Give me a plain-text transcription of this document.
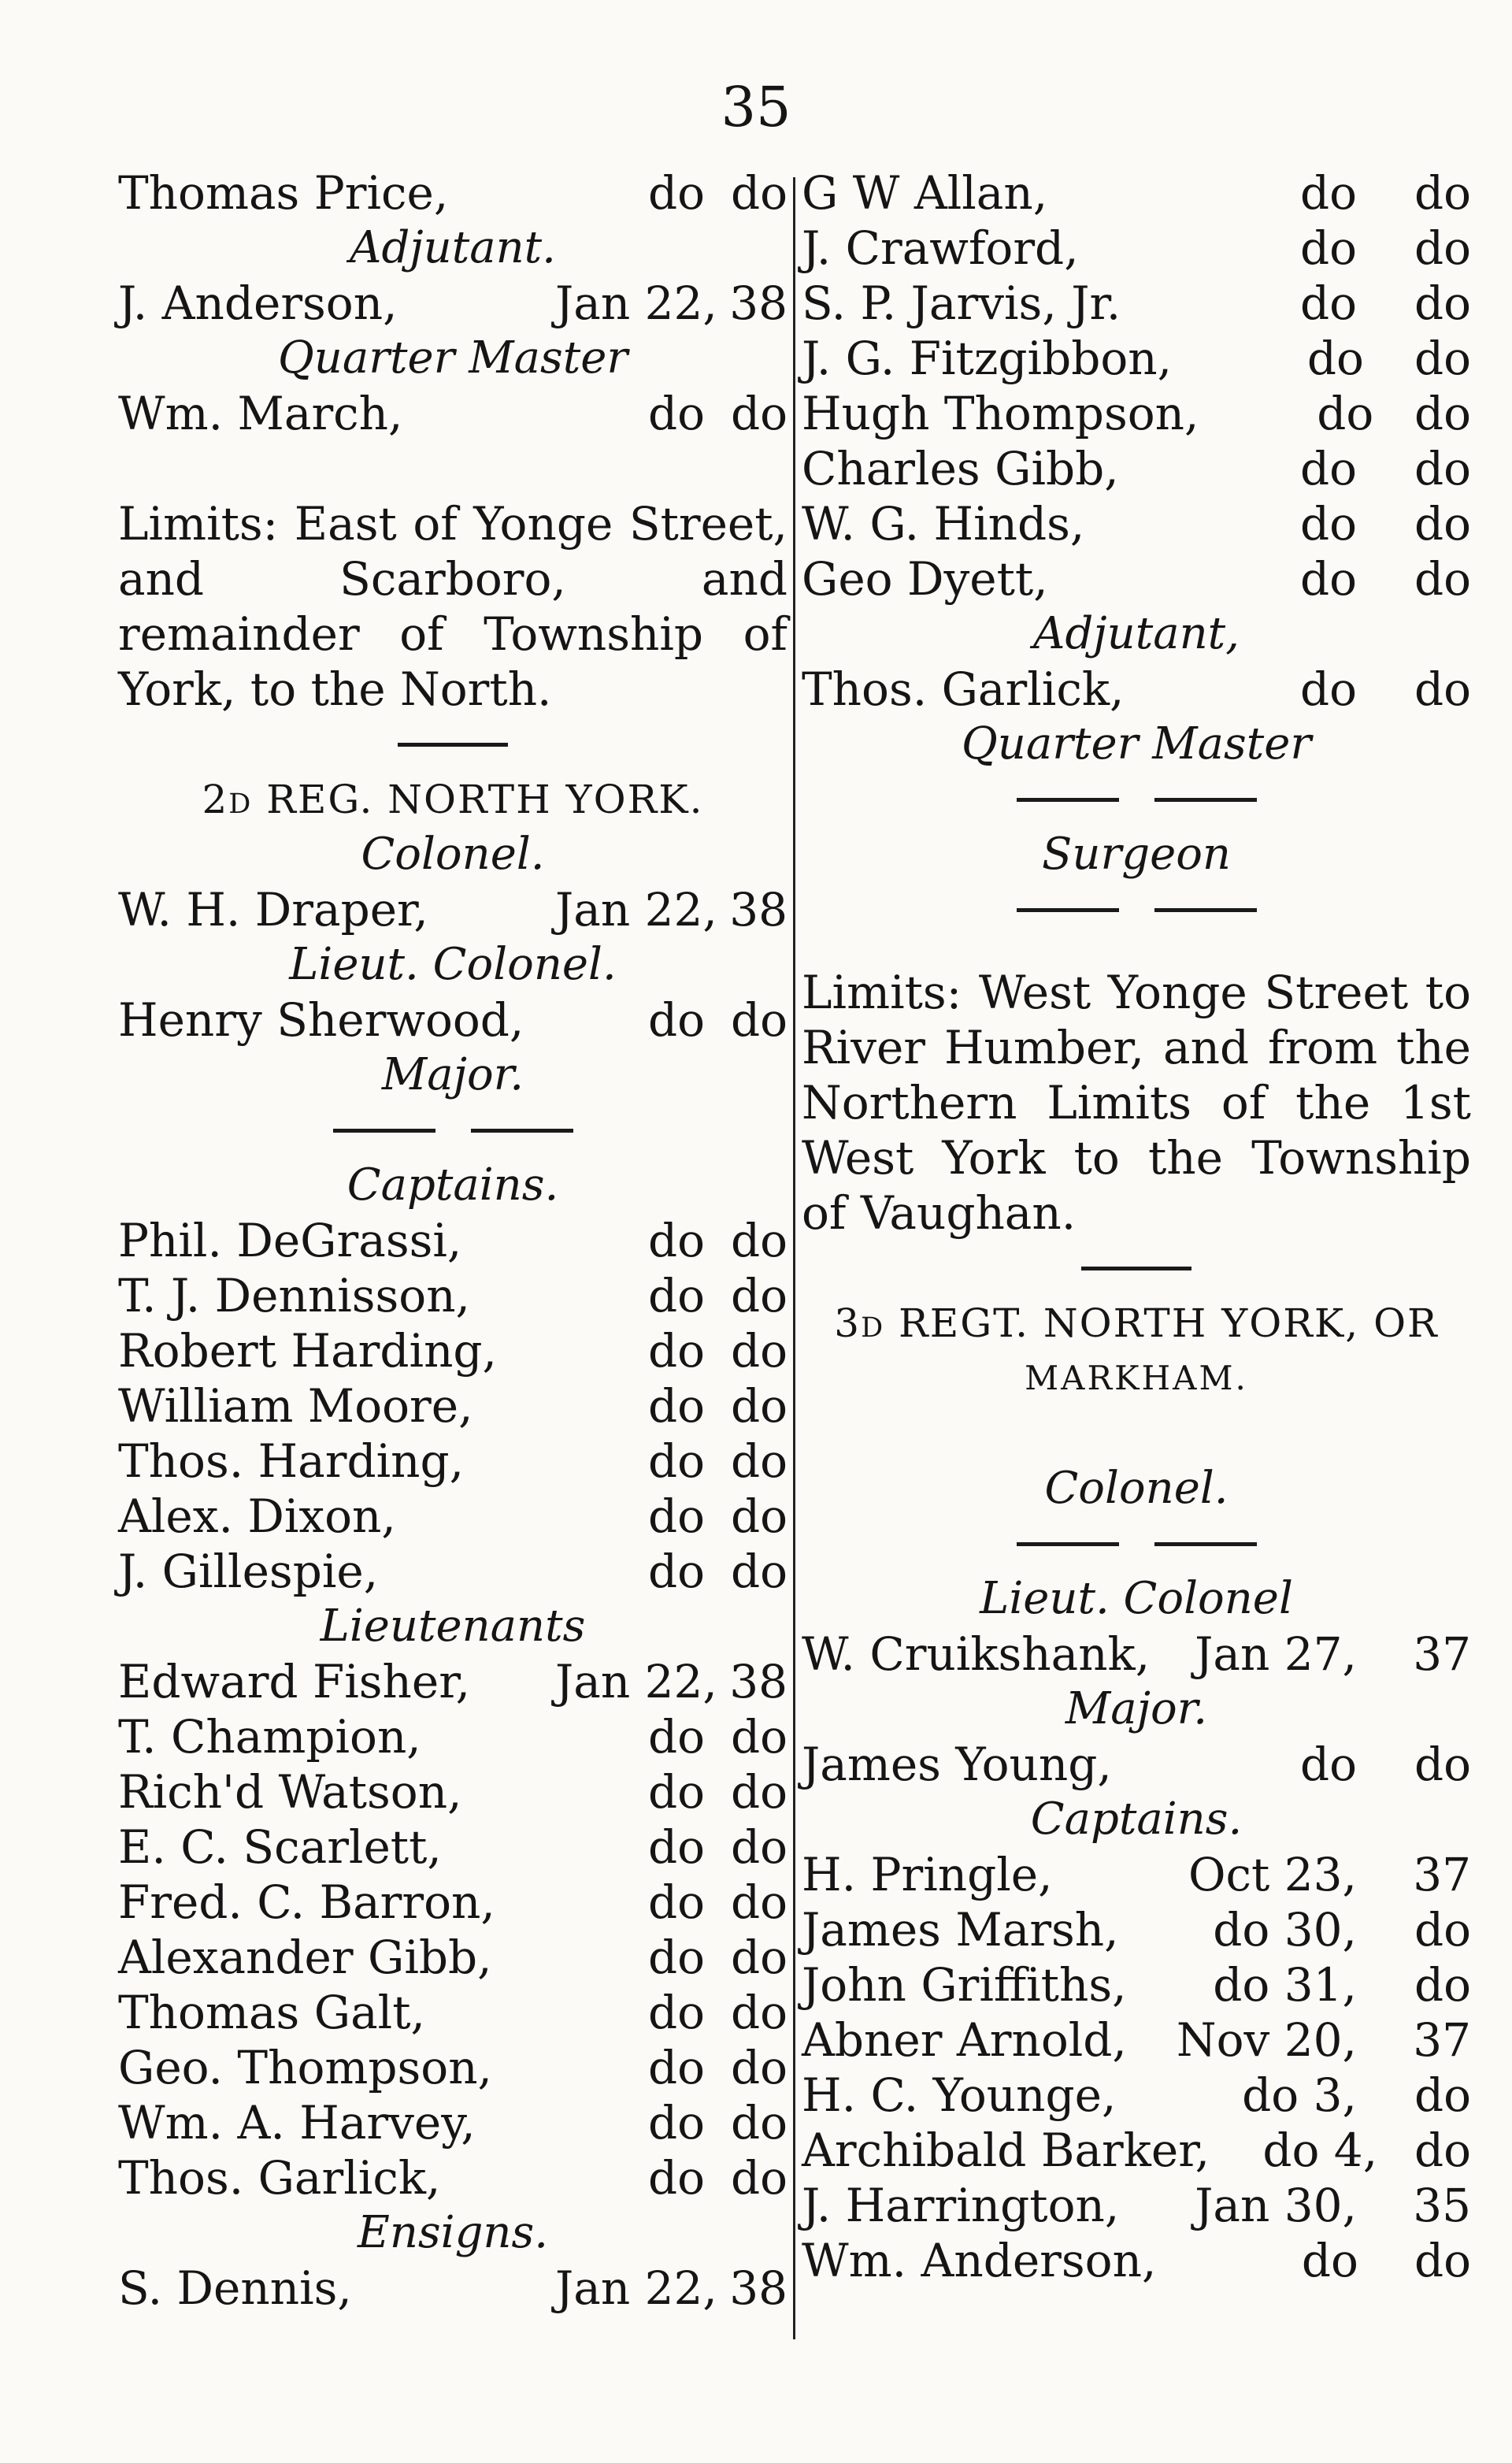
35
Thomas Price,	do do
Adjutant.
J. Anderson,	Jan 22, 38
Quarter Master
Wm. March,	do do
Limits: East of Yonge Street, and Scarboro, and remainder of Township of York, to the North.
2d REG. NORTH YORK.
Colonel.
W. H. Draper,	Jan 22, 38
Lieut. Colonel.
Henry Sherwood,	do do
Major.
Captains.
Phil. DeGrassi,	do do
T. J. Dennisson,	do do
Robert Harding,	do do
William Moore,	do do
Thos. Harding,	do do
Alex. Dixon,	do do
J. Gillespie,	do do
Lieutenants
Edward Fisher,	Jan 22, 38
T. Champion,	do do
Rich'd Watson,	do do
E. C. Scarlett,	do do
Fred. C. Barron,	do do
Alexander Gibb,	do do
Thomas Galt,	do do
Geo. Thompson,	do do
Wm. A. Harvey,	do do
Thos. Garlick,	do do
Ensigns.
S. Dennis,	Jan 22, 38
G W Allan,	do	do
J. Crawford,	do	do
S. P. Jarvis, Jr.	do	do
J. G. Fitzgibbon,	do	do
Hugh Thompson,	do do
Charles Gibb,	do	do
W. G. Hinds,	do	do
Geo Dyett,	do	do
Adjutant,
Thos. Garlick,	do	do
Quarter Master
Surgeon
Limits: West Yonge Street to River Humber, and from the Northern Limits of the 1st West York to the Township of Vaughan.
3d REGT. NORTH YORK, OR
MARKHAM.
Colonel.
Lieut. Colonel
W. Cruikshank, Jan 27,	37
Major.
James Young,	do	do
Captains.
H. Pringle,	Oct 23,	37
James Marsh,	do 30,	do
John Griffiths,	do 31,	do
Abner Arnold,	Nov 20,	37
H. C. Younge,	do 3,	do
Archibald Barker,	do 4, do
J. Harrington,	Jan 30,	35
Wm. Anderson,	do	do
